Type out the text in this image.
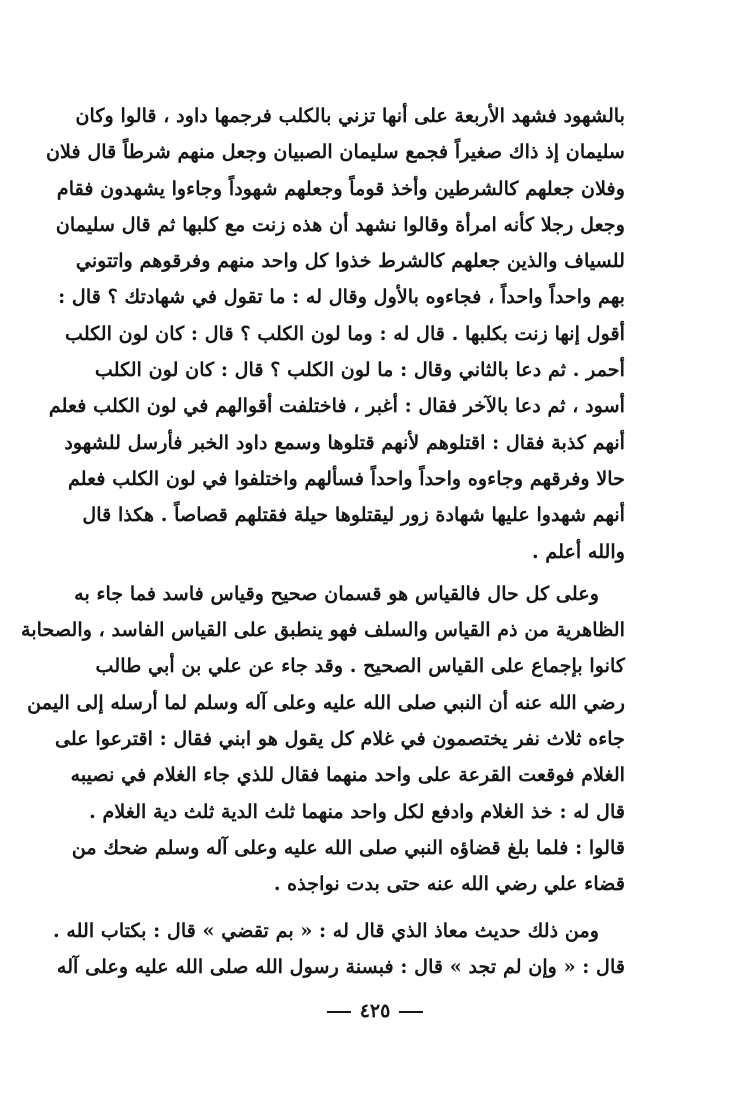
بالشهود فشهد الأربعة على أنها تزني بالكلب فرجمها داود ، قالوا وكان
سليمان إذ ذاك صغيراً فجمع سليمان الصبيان وجعل منهم شرطاً قال فلان
وفلان جعلهم كالشرطين وأخذ قوماً وجعلهم شهوداً وجاءوا يشهدون فقام
وجعل رجلا كأنه امرأة وقالوا نشهد أن هذه زنت مع كلبها ثم قال سليمان
للسياف والذين جعلهم كالشرط خذوا كل واحد منهم وفرقوهم واتتوني
بهم واحداً واحداً ، فجاءوه بالأول وقال له : ما تقول في شهادتك ؟ قال :
أقول إنها زنت بكلبها . قال له : وما لون الكلب ؟ قال : كان لون الكلب
أحمر . ثم دعا بالثاني وقال : ما لون الكلب ؟ قال : كان لون الكلب
أسود ، ثم دعا بالآخر فقال : أغبر ، فاختلفت أقوالهم في لون الكلب فعلم
أنهم كذبة فقال : اقتلوهم لأنهم قتلوها وسمع داود الخبر فأرسل للشهود
حالا وفرقهم وجاءوه واحداً واحداً فسألهم واختلفوا في لون الكلب فعلم
أنهم شهدوا عليها شهادة زور ليقتلوها حيلة فقتلهم قصاصاً . هكذا قال
والله أعلم .
وعلى كل حال فالقياس هو قسمان صحيح وقياس فاسد فما جاء به
الظاهرية من ذم القياس والسلف فهو ينطبق على القياس الفاسد ، والصحابة
كانوا بإجماع على القياس الصحيح . وقد جاء عن علي بن أبي طالب
رضي الله عنه أن النبي صلى الله عليه وعلى آله وسلم لما أرسله إلى اليمن
جاءه ثلاث نفر يختصمون في غلام كل يقول هو ابني فقال : اقترعوا على
الغلام فوقعت القرعة على واحد منهما فقال للذي جاء الغلام في نصيبه
قال له : خذ الغلام وادفع لكل واحد منهما ثلث الدية ثلث دية الغلام .
قالوا : فلما بلغ قضاؤه النبي صلى الله عليه وعلى آله وسلم ضحك من
قضاء علي رضي الله عنه حتى بدت نواجذه .
ومن ذلك حديث معاذ الذي قال له : « بم تقضي » قال : بكتاب الله .
قال : « وإن لم تجد » قال : فبسنة رسول الله صلى الله عليه وعلى آله
٤٢٥
